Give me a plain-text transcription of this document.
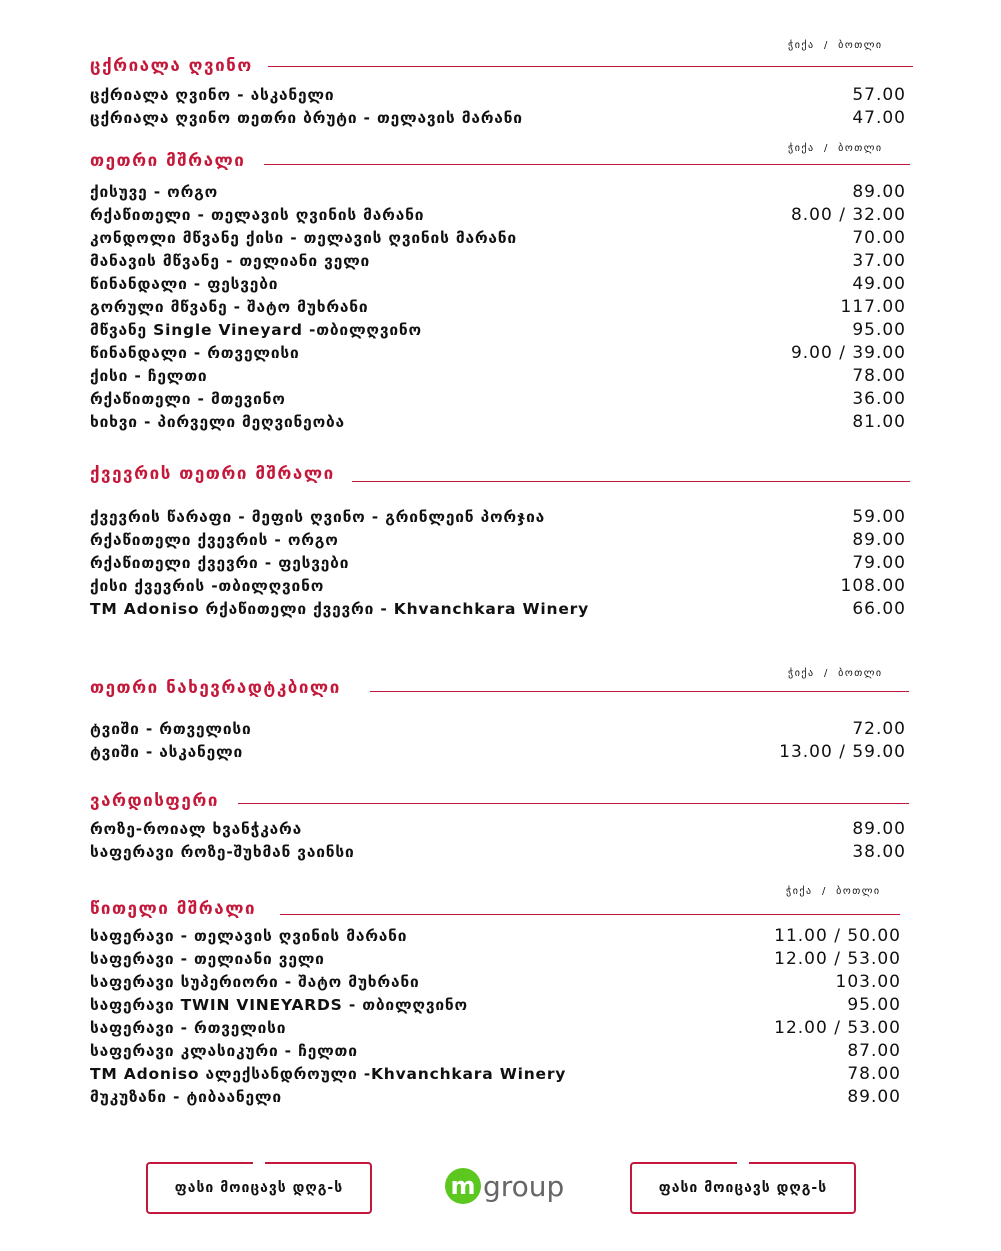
ჭიქა  /  ბოთლი
ცქრიალა ღვინო
ცქრიალა ღვინო - ასკანელი	57.00
ცქრიალა ღვინო თეთრი ბრუტი - თელავის მარანი	47.00
ჭიქა  /  ბოთლი
თეთრი მშრალი
ქისუვე - ორგო	89.00
რქაწითელი - თელავის ღვინის მარანი	8.00 / 32.00
კონდოლი მწვანე ქისი - თელავის ღვინის მარანი	70.00
მანავის მწვანე - თელიანი ველი	37.00
წინანდალი - ფესვები	49.00
გორული მწვანე - შატო მუხრანი	117.00
მწვანე Single Vineyard -თბილღვინო	95.00
წინანდალი - რთველისი	9.00 / 39.00
ქისი - ჩელთი	78.00
რქაწითელი - მთევინო	36.00
ხიხვი - პირველი მეღვინეობა	81.00
ქვევრის თეთრი მშრალი
ქვევრის წარაფი - მეფის ღვინო - გრინლეინ პორჯია	59.00
რქაწითელი ქვევრის - ორგო	89.00
რქაწითელი ქვევრი - ფესვები	79.00
ქისი ქვევრის -თბილღვინო	108.00
TM Adoniso რქაწითელი ქვევრი - Khvanchkara Winery	66.00
ჭიქა  /  ბოთლი
თეთრი ნახევრადტკბილი
ტვიში - რთველისი	72.00
ტვიში - ასკანელი	13.00 / 59.00
ვარდისფერი
როზე-როიალ ხვანჭკარა	89.00
საფერავი როზე-შუხმან ვაინსი	38.00
ჭიქა  /  ბოთლი
წითელი მშრალი
საფერავი - თელავის ღვინის მარანი	11.00 / 50.00
საფერავი - თელიანი ველი	12.00 / 53.00
საფერავი სუპერიორი - შატო მუხრანი	103.00
საფერავი TWIN VINEYARDS - თბილღვინო	95.00
საფერავი - რთველისი	12.00 / 53.00
საფერავი კლასიკური - ჩელთი	87.00
TM Adoniso ალექსანდროული -Khvanchkara Winery	78.00
მუკუზანი - ტიბაანელი	89.00
ფასი მოიცავს დღგ-ს	m group	ფასი მოიცავს დღგ-ს
